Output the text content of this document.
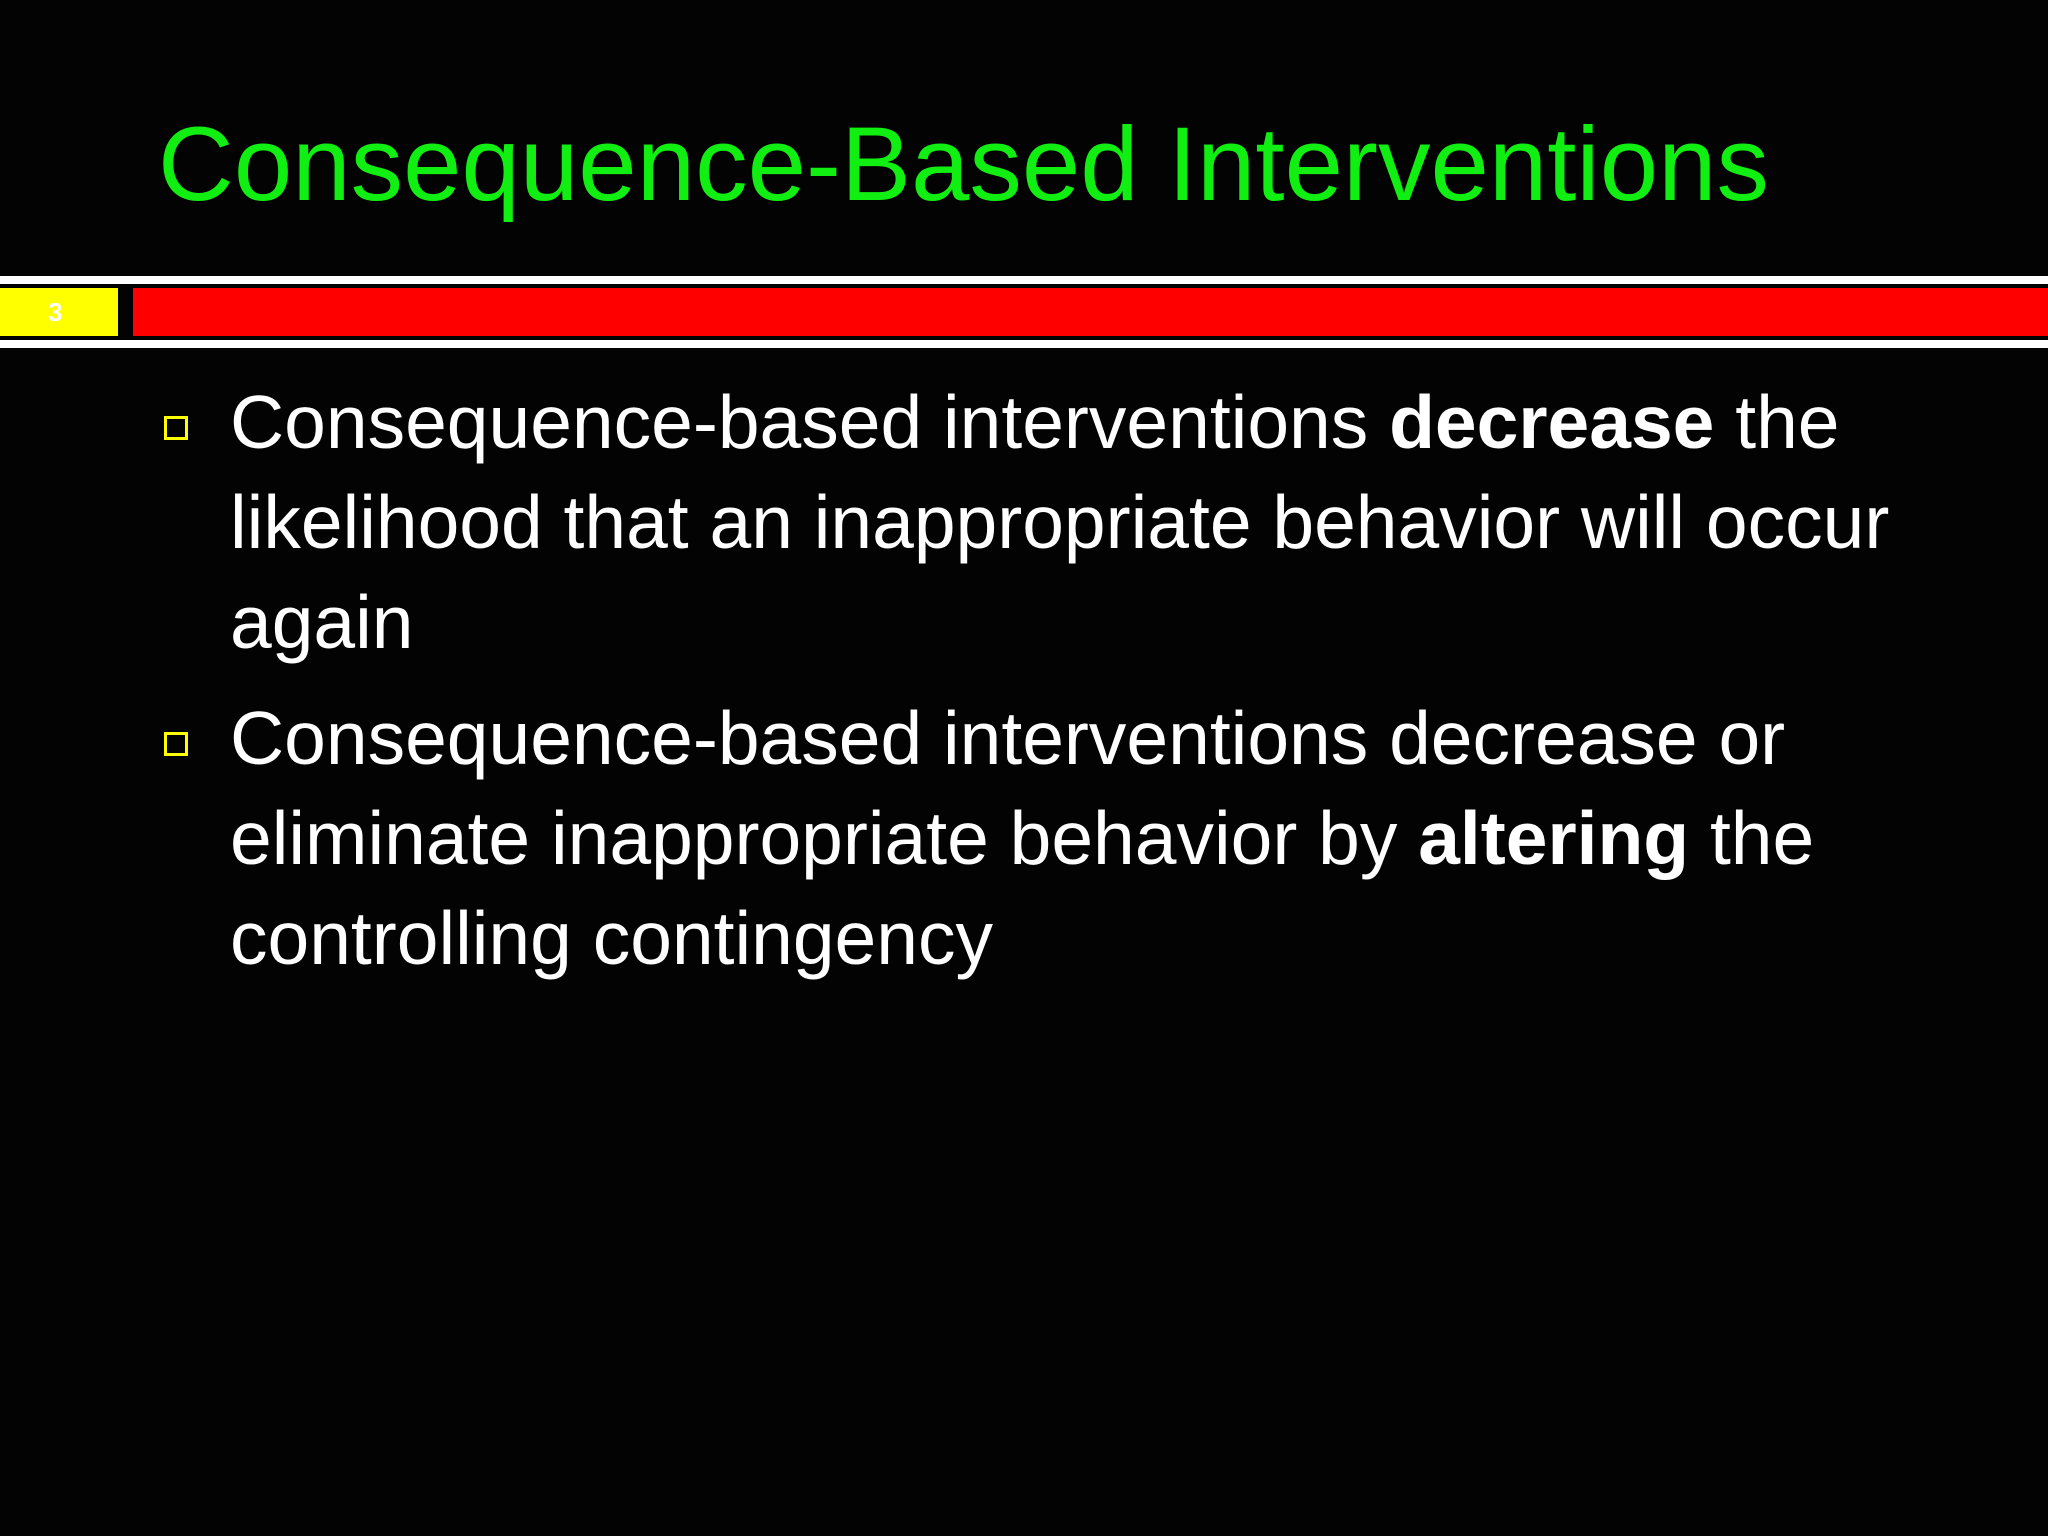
Consequence-Based Interventions
3
Consequence-based interventions decrease the likelihood that an inappropriate behavior will occur again
Consequence-based interventions decrease or eliminate inappropriate behavior by altering the controlling contingency
